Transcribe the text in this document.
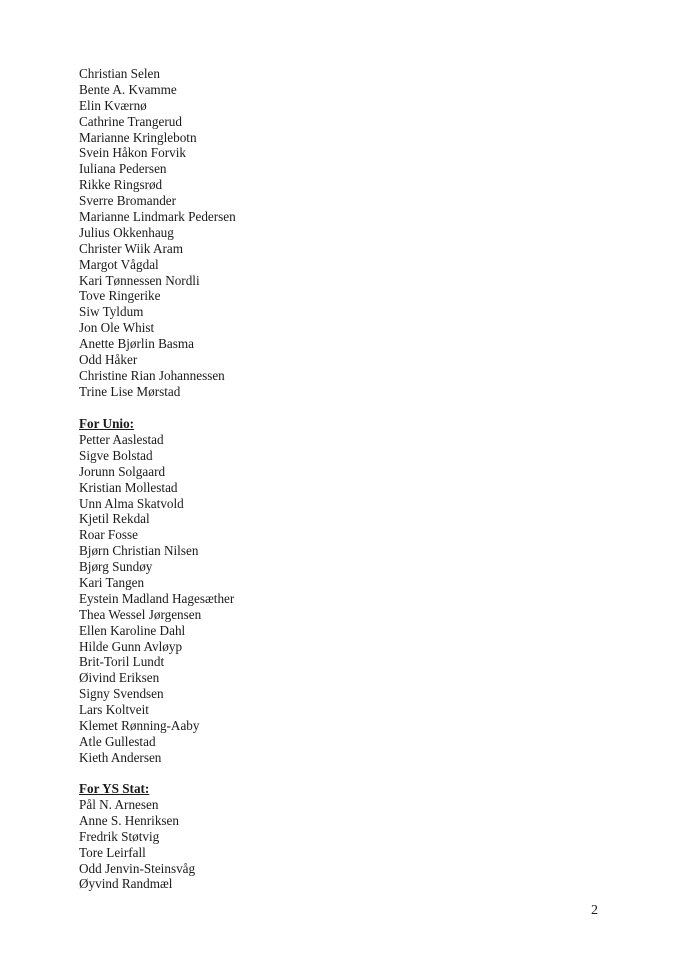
Christian Selen
Bente A. Kvamme
Elin Kværnø
Cathrine Trangerud
Marianne Kringlebotn
Svein Håkon Forvik
Iuliana Pedersen
Rikke Ringsrød
Sverre Bromander
Marianne Lindmark Pedersen
Julius Okkenhaug
Christer Wiik Aram
Margot Vågdal
Kari Tønnessen Nordli
Tove Ringerike
Siw Tyldum
Jon Ole Whist
Anette Bjørlin Basma
Odd Håker
Christine Rian Johannessen
Trine Lise Mørstad
For Unio:
Petter Aaslestad
Sigve Bolstad
Jorunn Solgaard
Kristian Mollestad
Unn Alma Skatvold
Kjetil Rekdal
Roar Fosse
Bjørn Christian Nilsen
Bjørg Sundøy
Kari Tangen
Eystein Madland Hagesæther
Thea Wessel Jørgensen
Ellen Karoline Dahl
Hilde Gunn Avløyp
Brit-Toril Lundt
Øivind Eriksen
Signy Svendsen
Lars Koltveit
Klemet Rønning-Aaby
Atle Gullestad
Kieth Andersen
For YS Stat:
Pål N. Arnesen
Anne S. Henriksen
Fredrik Støtvig
Tore Leirfall
Odd Jenvin-Steinsvåg
Øyvind Randmæl
2
